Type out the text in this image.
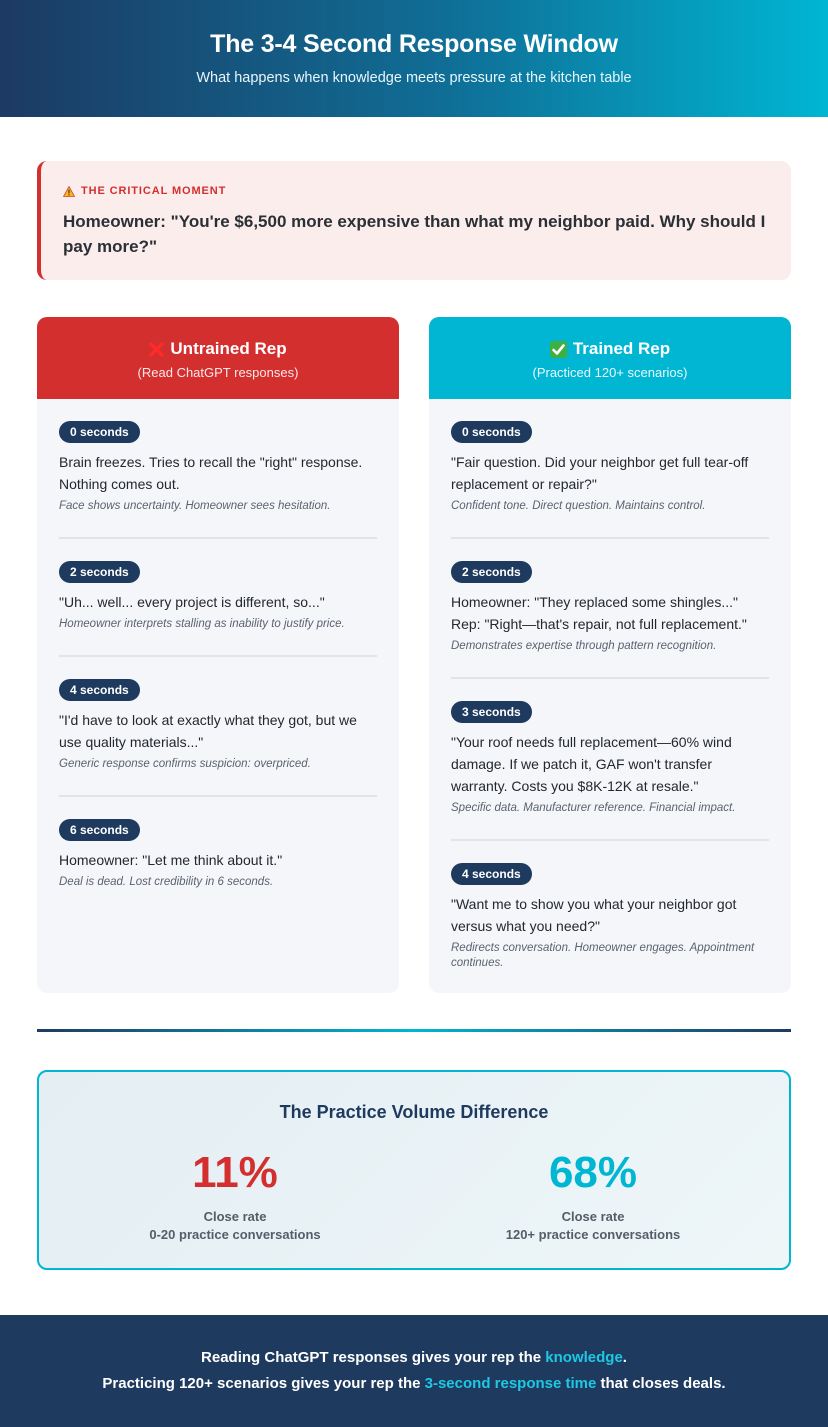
The 3-4 Second Response Window

What happens when knowledge meets pressure at the kitchen table

THE CRITICAL MOMENT
Homeowner: "You're $6,500 more expensive than what my neighbor paid. Why should I pay more?"
Untrained Rep
(Read ChatGPT responses)
0 seconds
Brain freezes. Tries to recall the "right" response. Nothing comes out.
Face shows uncertainty. Homeowner sees hesitation.
2 seconds
"Uh... well... every project is different, so..."
Homeowner interprets stalling as inability to justify price.
4 seconds
"I'd have to look at exactly what they got, but we use quality materials..."
Generic response confirms suspicion: overpriced.
6 seconds
Homeowner: "Let me think about it."
Deal is dead. Lost credibility in 6 seconds.
Trained Rep
(Practiced 120+ scenarios)
0 seconds
"Fair question. Did your neighbor get full tear-off replacement or repair?"
Confident tone. Direct question. Maintains control.
2 seconds
Homeowner: "They replaced some shingles..." Rep: "Right—that's repair, not full replacement."
Demonstrates expertise through pattern recognition.
3 seconds
"Your roof needs full replacement—60% wind damage. If we patch it, GAF won't transfer warranty. Costs you $8K-12K at resale."
Specific data. Manufacturer reference. Financial impact.
4 seconds
"Want me to show you what your neighbor got versus what you need?"
Redirects conversation. Homeowner engages. Appointment continues.
The Practice Volume Difference
11%
Close rate
0-20 practice conversations
68%
Close rate
120+ practice conversations
Reading ChatGPT responses gives your rep the knowledge.
Practicing 120+ scenarios gives your rep the 3-second response time that closes deals.
